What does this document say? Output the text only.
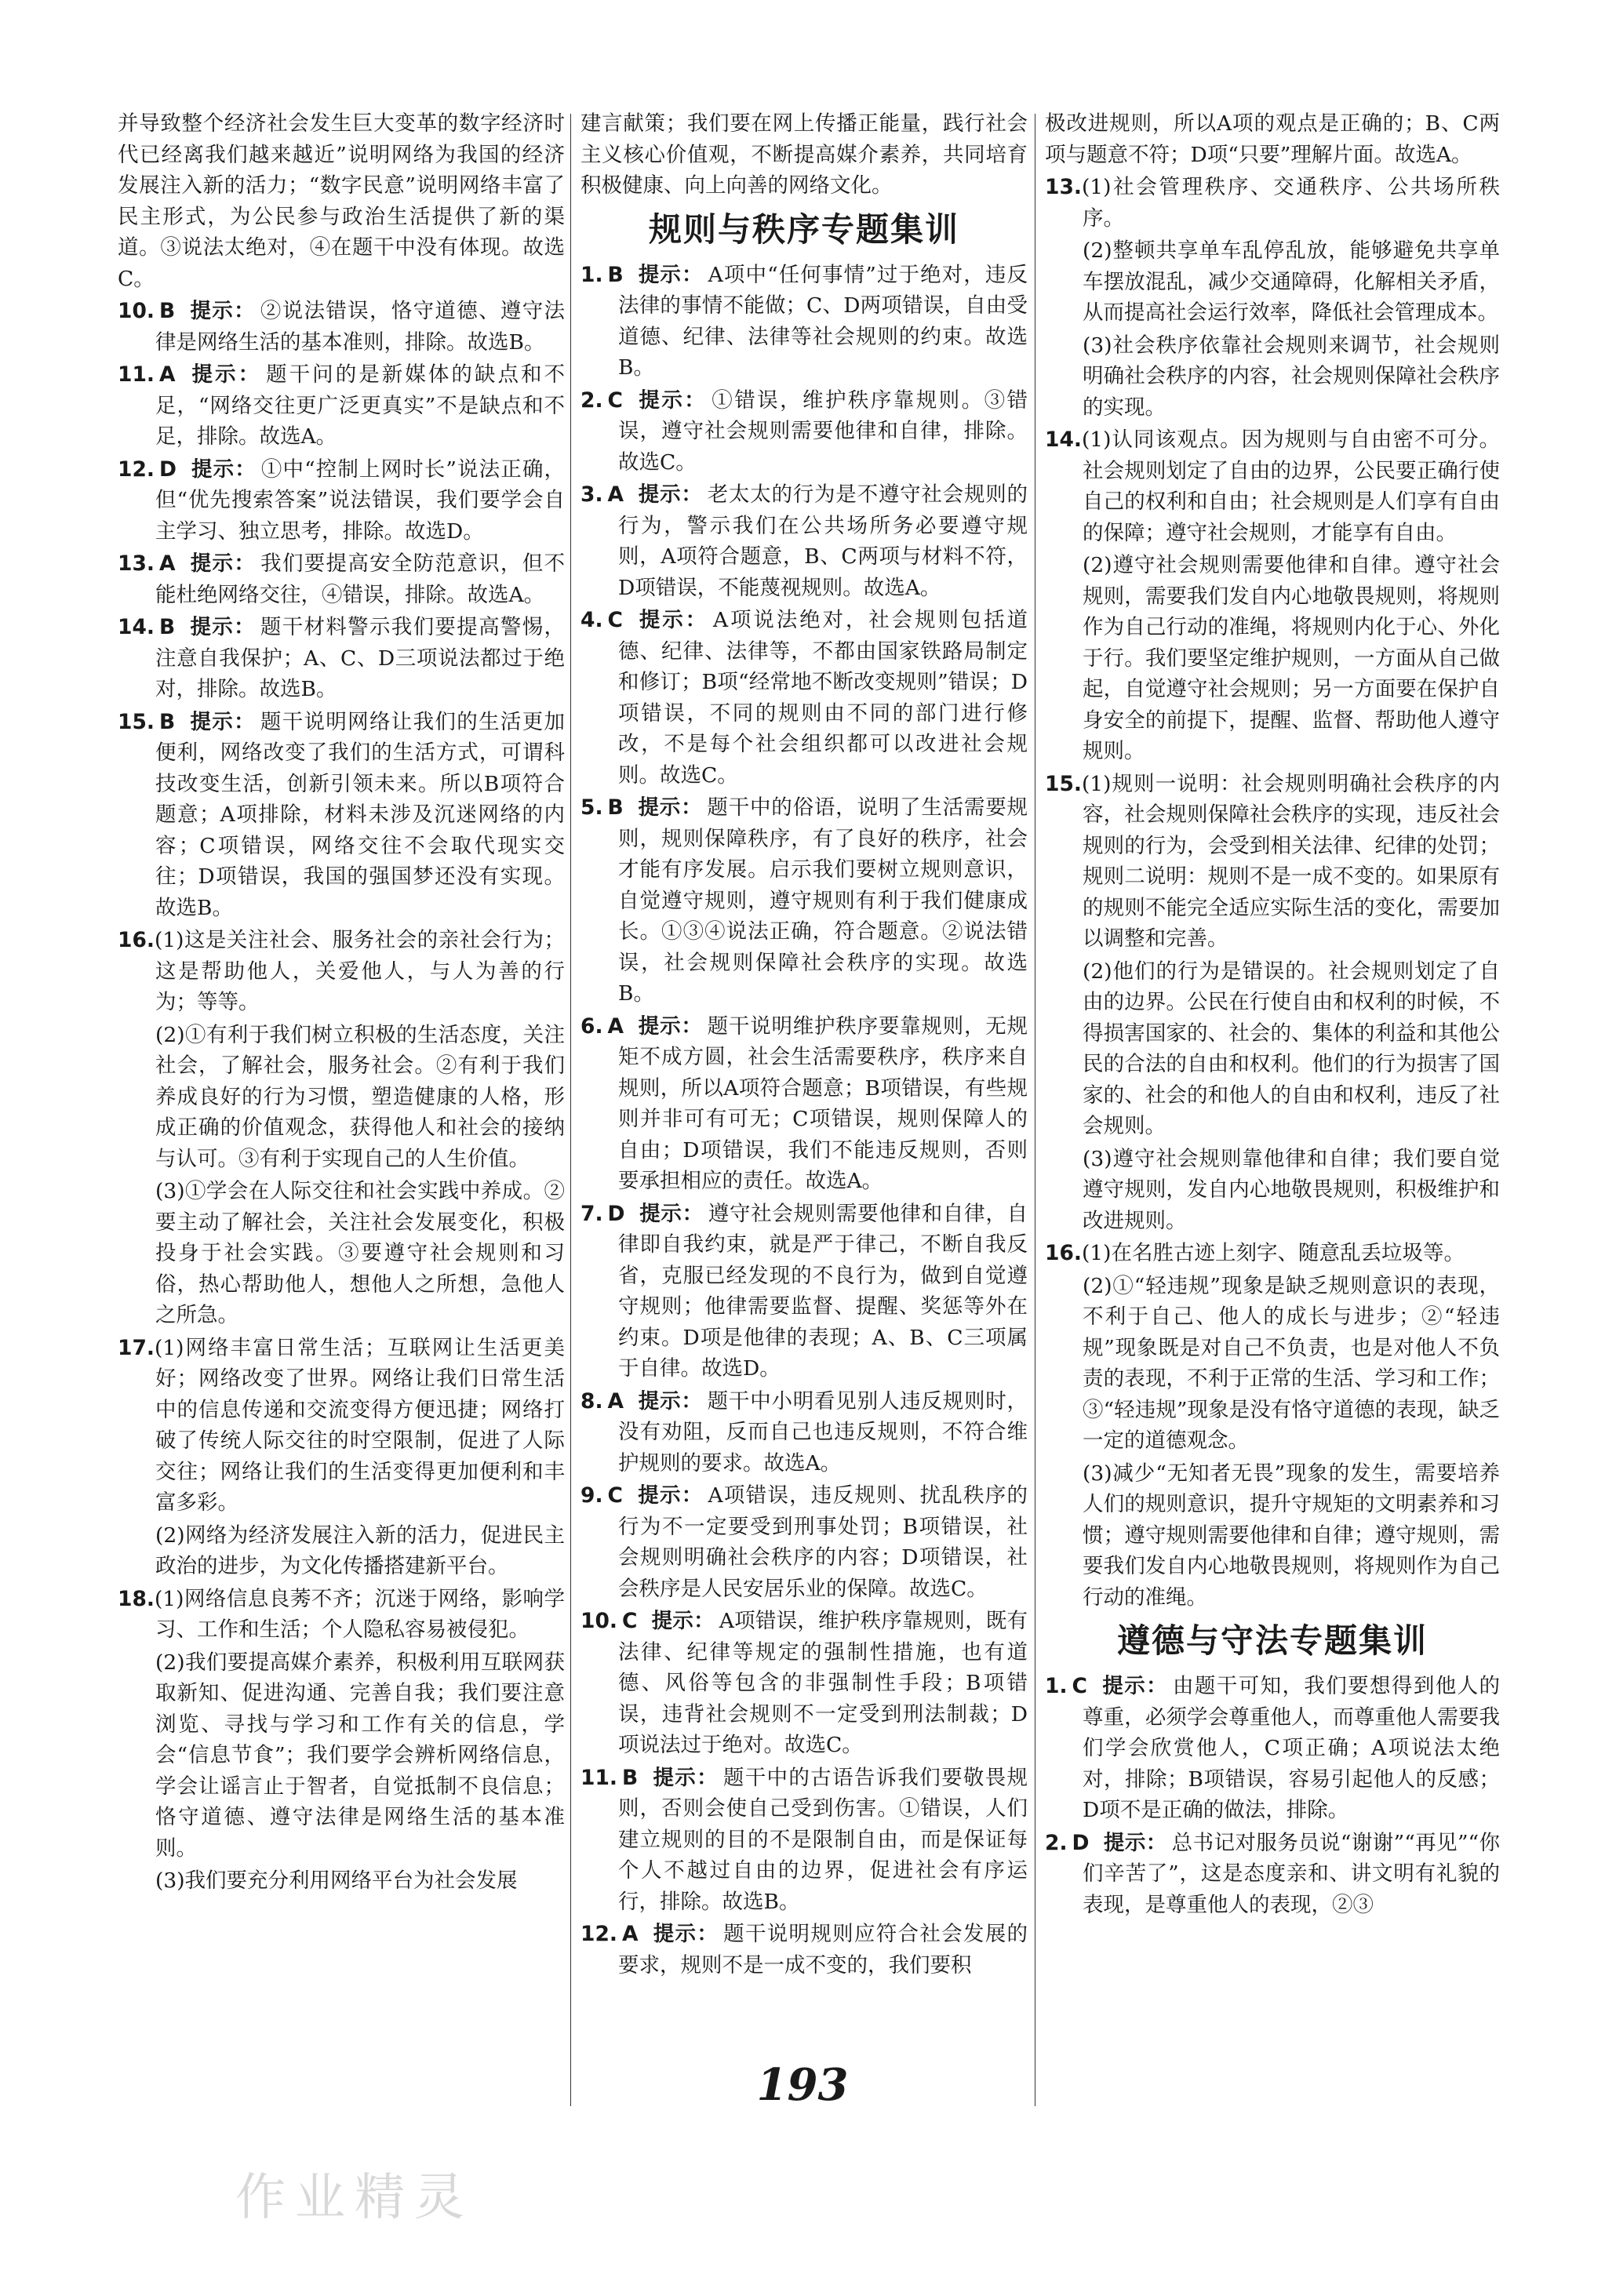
并导致整个经济社会发生巨大变革的数字经济时代已经离我们越来越近”说明网络为我国的经济发展注入新的活力；“数字民意”说明网络丰富了民主形式，为公民参与政治生活提供了新的渠道。③说法太绝对，④在题干中没有体现。故选C。
10. B 提示： ②说法错误，恪守道德、遵守法律是网络生活的基本准则，排除。故选B。
11. A 提示： 题干问的是新媒体的缺点和不足，“网络交往更广泛更真实”不是缺点和不足，排除。故选A。
12. D 提示： ①中“控制上网时长”说法正确，但“优先搜索答案”说法错误，我们要学会自主学习、独立思考，排除。故选D。
13. A 提示： 我们要提高安全防范意识，但不能杜绝网络交往，④错误，排除。故选A。
14. B 提示： 题干材料警示我们要提高警惕，注意自我保护；A、C、D三项说法都过于绝对，排除。故选B。
15. B 提示： 题干说明网络让我们的生活更加便利，网络改变了我们的生活方式，可谓科技改变生活，创新引领未来。所以B项符合题意；A项排除，材料未涉及沉迷网络的内容；C项错误，网络交往不会取代现实交往；D项错误，我国的强国梦还没有实现。故选B。
16.(1)这是关注社会、服务社会的亲社会行为；这是帮助他人，关爱他人，与人为善的行为；等等。
(2)①有利于我们树立积极的生活态度，关注社会，了解社会，服务社会。②有利于我们养成良好的行为习惯，塑造健康的人格，形成正确的价值观念，获得他人和社会的接纳与认可。③有利于实现自己的人生价值。
(3)①学会在人际交往和社会实践中养成。②要主动了解社会，关注社会发展变化，积极投身于社会实践。③要遵守社会规则和习俗，热心帮助他人，想他人之所想，急他人之所急。
17.(1)网络丰富日常生活；互联网让生活更美好；网络改变了世界。网络让我们日常生活中的信息传递和交流变得方便迅捷；网络打破了传统人际交往的时空限制，促进了人际交往；网络让我们的生活变得更加便利和丰富多彩。
(2)网络为经济发展注入新的活力，促进民主政治的进步，为文化传播搭建新平台。
18.(1)网络信息良莠不齐；沉迷于网络，影响学习、工作和生活；个人隐私容易被侵犯。
(2)我们要提高媒介素养，积极利用互联网获取新知、促进沟通、完善自我；我们要注意浏览、寻找与学习和工作有关的信息，学会“信息节食”；我们要学会辨析网络信息，学会让谣言止于智者，自觉抵制不良信息；恪守道德、遵守法律是网络生活的基本准则。
(3)我们要充分利用网络平台为社会发展
建言献策；我们要在网上传播正能量，践行社会主义核心价值观，不断提高媒介素养，共同培育积极健康、向上向善的网络文化。
规则与秩序专题集训
1. B 提示： A项中“任何事情”过于绝对，违反法律的事情不能做；C、D两项错误，自由受道德、纪律、法律等社会规则的约束。故选B。
2. C 提示： ①错误，维护秩序靠规则。③错误，遵守社会规则需要他律和自律，排除。故选C。
3. A 提示： 老太太的行为是不遵守社会规则的行为，警示我们在公共场所务必要遵守规则，A项符合题意，B、C两项与材料不符，D项错误，不能蔑视规则。故选A。
4. C 提示： A项说法绝对，社会规则包括道德、纪律、法律等，不都由国家铁路局制定和修订；B项“经常地不断改变规则”错误；D项错误，不同的规则由不同的部门进行修改，不是每个社会组织都可以改进社会规则。故选C。
5. B 提示： 题干中的俗语，说明了生活需要规则，规则保障秩序，有了良好的秩序，社会才能有序发展。启示我们要树立规则意识，自觉遵守规则，遵守规则有利于我们健康成长。①③④说法正确，符合题意。②说法错误，社会规则保障社会秩序的实现。故选B。
6. A 提示： 题干说明维护秩序要靠规则，无规矩不成方圆，社会生活需要秩序，秩序来自规则，所以A项符合题意；B项错误，有些规则并非可有可无；C项错误，规则保障人的自由；D项错误，我们不能违反规则，否则要承担相应的责任。故选A。
7. D 提示： 遵守社会规则需要他律和自律，自律即自我约束，就是严于律己，不断自我反省，克服已经发现的不良行为，做到自觉遵守规则；他律需要监督、提醒、奖惩等外在约束。D项是他律的表现；A、B、C三项属于自律。故选D。
8. A 提示： 题干中小明看见别人违反规则时，没有劝阻，反而自己也违反规则，不符合维护规则的要求。故选A。
9. C 提示： A项错误，违反规则、扰乱秩序的行为不一定要受到刑事处罚；B项错误，社会规则明确社会秩序的内容；D项错误，社会秩序是人民安居乐业的保障。故选C。
10. C 提示： A项错误，维护秩序靠规则，既有法律、纪律等规定的强制性措施，也有道德、风俗等包含的非强制性手段；B项错误，违背社会规则不一定受到刑法制裁；D项说法过于绝对。故选C。
11. B 提示： 题干中的古语告诉我们要敬畏规则，否则会使自己受到伤害。①错误，人们建立规则的目的不是限制自由，而是保证每个人不越过自由的边界，促进社会有序运行，排除。故选B。
12. A 提示： 题干说明规则应符合社会发展的要求，规则不是一成不变的，我们要积
极改进规则，所以A项的观点是正确的；B、C两项与题意不符；D项“只要”理解片面。故选A。
13.(1)社会管理秩序、交通秩序、公共场所秩序。
(2)整顿共享单车乱停乱放，能够避免共享单车摆放混乱，减少交通障碍，化解相关矛盾，从而提高社会运行效率，降低社会管理成本。
(3)社会秩序依靠社会规则来调节，社会规则明确社会秩序的内容，社会规则保障社会秩序的实现。
14.(1)认同该观点。因为规则与自由密不可分。社会规则划定了自由的边界，公民要正确行使自己的权利和自由；社会规则是人们享有自由的保障；遵守社会规则，才能享有自由。
(2)遵守社会规则需要他律和自律。遵守社会规则，需要我们发自内心地敬畏规则，将规则作为自己行动的准绳，将规则内化于心、外化于行。我们要坚定维护规则，一方面从自己做起，自觉遵守社会规则；另一方面要在保护自身安全的前提下，提醒、监督、帮助他人遵守规则。
15.(1)规则一说明：社会规则明确社会秩序的内容，社会规则保障社会秩序的实现，违反社会规则的行为，会受到相关法律、纪律的处罚；规则二说明：规则不是一成不变的。如果原有的规则不能完全适应实际生活的变化，需要加以调整和完善。
(2)他们的行为是错误的。社会规则划定了自由的边界。公民在行使自由和权利的时候，不得损害国家的、社会的、集体的利益和其他公民的合法的自由和权利。他们的行为损害了国家的、社会的和他人的自由和权利，违反了社会规则。
(3)遵守社会规则靠他律和自律；我们要自觉遵守规则，发自内心地敬畏规则，积极维护和改进规则。
16.(1)在名胜古迹上刻字、随意乱丢垃圾等。
(2)①“轻违规”现象是缺乏规则意识的表现，不利于自己、他人的成长与进步；②“轻违规”现象既是对自己不负责，也是对他人不负责的表现，不利于正常的生活、学习和工作；③“轻违规”现象是没有恪守道德的表现，缺乏一定的道德观念。
(3)减少“无知者无畏”现象的发生，需要培养人们的规则意识，提升守规矩的文明素养和习惯；遵守规则需要他律和自律；遵守规则，需要我们发自内心地敬畏规则，将规则作为自己行动的准绳。
遵德与守法专题集训
1. C 提示： 由题干可知，我们要想得到他人的尊重，必须学会尊重他人，而尊重他人需要我们学会欣赏他人，C项正确；A项说法太绝对，排除；B项错误，容易引起他人的反感；D项不是正确的做法，排除。
2. D 提示： 总书记对服务员说“谢谢”“再见”“你们辛苦了”，这是态度亲和、讲文明有礼貌的表现，是尊重他人的表现，②③
193
作业精灵
